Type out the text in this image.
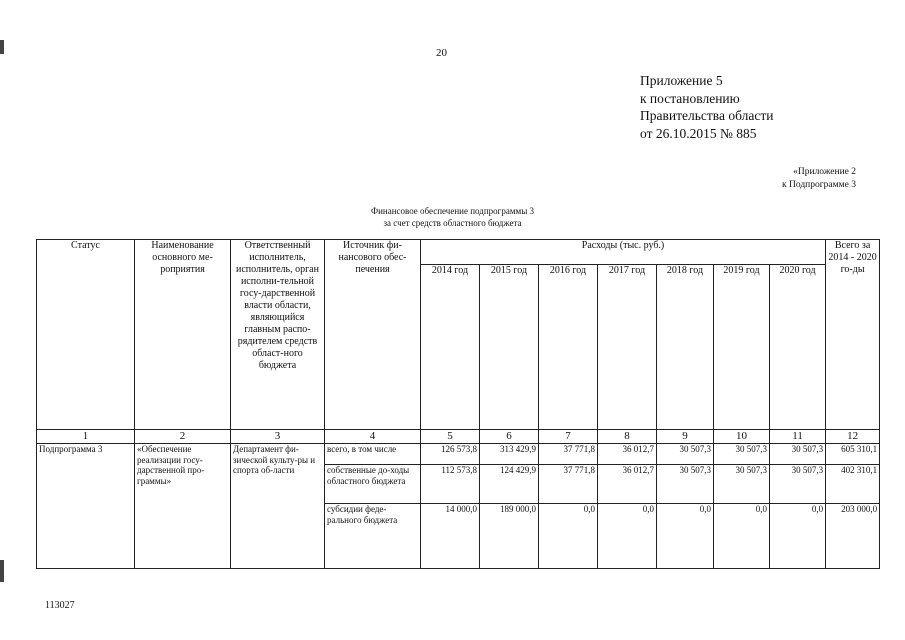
20
Приложение 5
к постановлению
Правительства области
от 26.10.2015 № 885
«Приложение 2
к Подпрограмме 3
Финансовое обеспечение подпрограммы 3
за счет средств областного бюджета
Статус	Наименование основного ме-роприятия	Ответственный исполнитель, исполнитель, орган исполни-тельной госу-дарственной власти области, являющийся главным распо-рядителем средств област-ного бюджета	Источник фи-нансового обес-печения	Расходы (тыс. руб.)							Всего за 2014 - 2020 го-ды
				2014 год	2015 год	2016 год	2017 год	2018 год	2019 год	2020 год	
1	2	3	4	5	6	7	8	9	10	11	12
Подпрограмма 3	«Обеспечение реализации госу-дарственной про-граммы»	Департамент фи-зической культу-ры и спорта об-ласти	всего, в том числе	126 573,8	313 429,9	37 771,8	36 012,7	30 507,3	30 507,3	30 507,3	605 310,1
			собственные до-ходы областного бюджета	112 573,8	124 429,9	37 771,8	36 012,7	30 507,3	30 507,3	30 507,3	402 310,1
			субсидии феде-рального бюджета	14 000,0	189 000,0	0,0	0,0	0,0	0,0	0,0	203 000,0
113027
